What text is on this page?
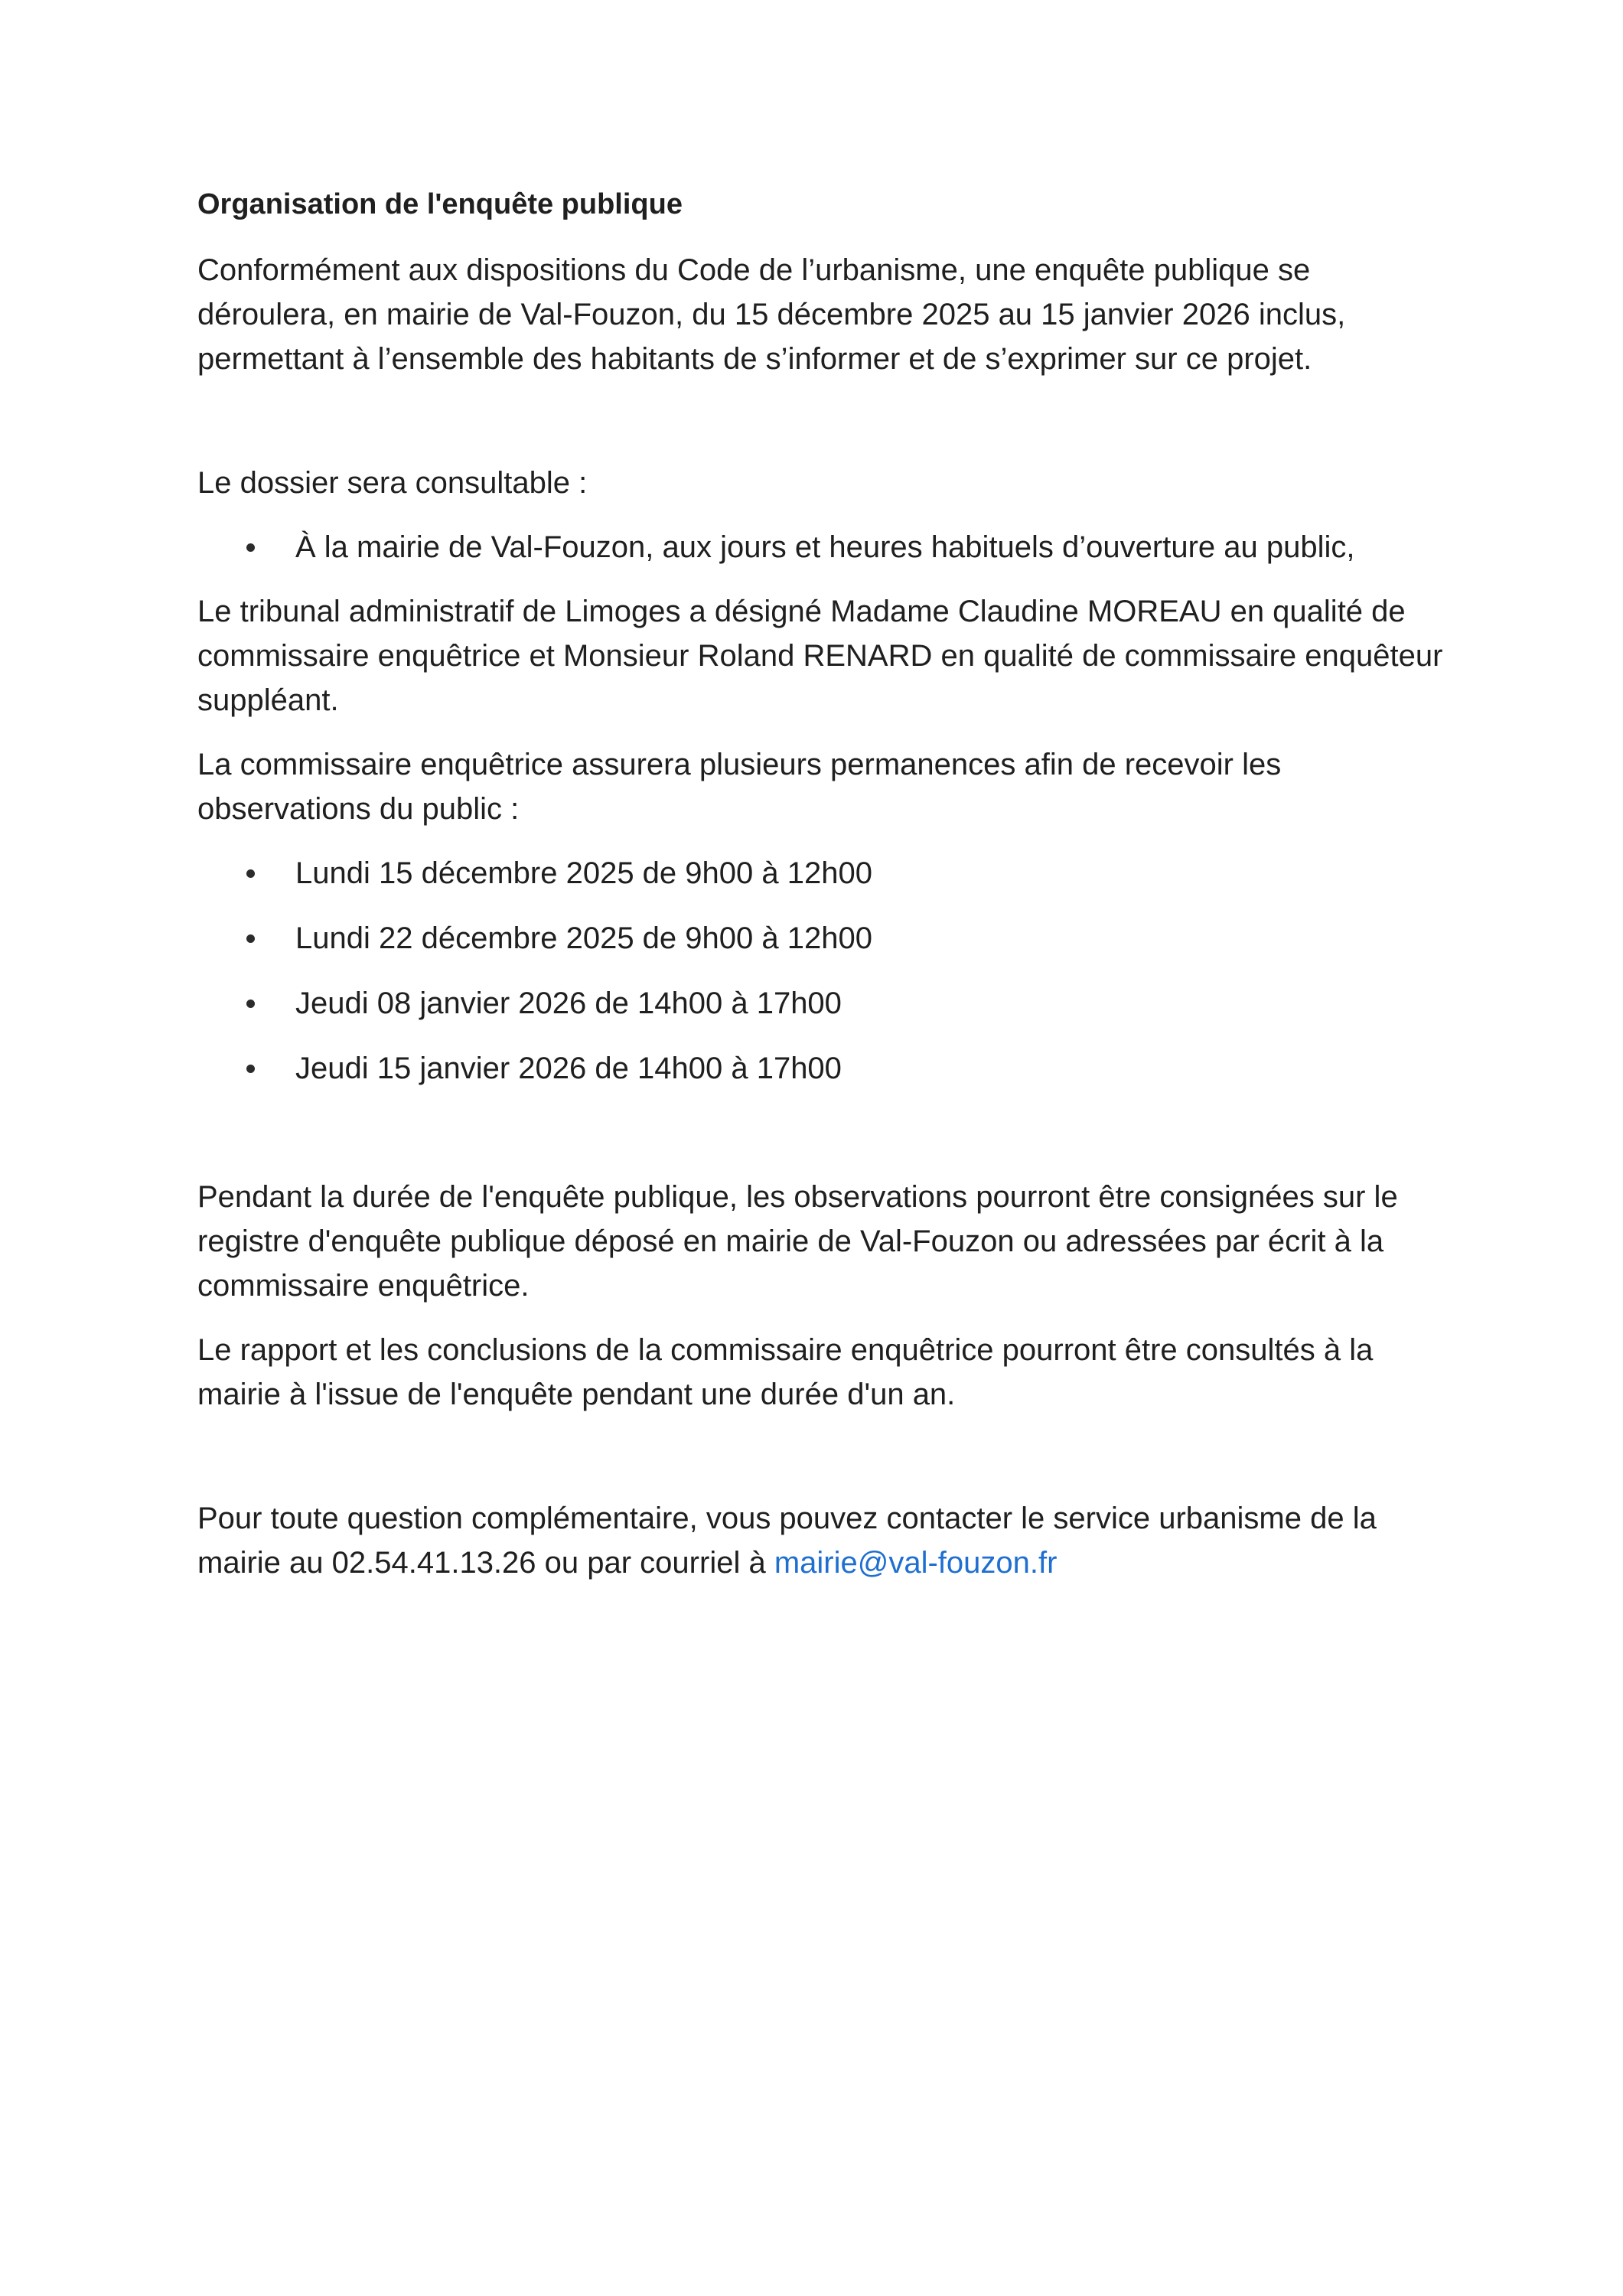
Organisation de l'enquête publique

Conformément aux dispositions du Code de l’urbanisme, une enquête publique se déroulera, en mairie de Val-Fouzon, du 15 décembre 2025 au 15 janvier 2026 inclus, permettant à l’ensemble des habitants de s’informer et de s’exprimer sur ce projet.

Le dossier sera consultable :

À la mairie de Val-Fouzon, aux jours et heures habituels d’ouverture au public,

Le tribunal administratif de Limoges a désigné Madame Claudine MOREAU en qualité de commissaire enquêtrice et Monsieur Roland RENARD en qualité de commissaire enquêteur suppléant.

La commissaire enquêtrice assurera plusieurs permanences afin de recevoir les observations du public :

Lundi 15 décembre 2025 de 9h00 à 12h00
Lundi 22 décembre 2025 de 9h00 à 12h00
Jeudi 08 janvier 2026 de 14h00 à 17h00
Jeudi 15 janvier 2026 de 14h00 à 17h00

Pendant la durée de l'enquête publique, les observations pourront être consignées sur le registre d'enquête publique déposé en mairie de Val-Fouzon ou adressées par écrit à la commissaire enquêtrice.

Le rapport et les conclusions de la commissaire enquêtrice pourront être consultés à la mairie à l'issue de l'enquête pendant une durée d'un an.

Pour toute question complémentaire, vous pouvez contacter le service urbanisme de la mairie au 02.54.41.13.26 ou par courriel à mairie@val-fouzon.fr
